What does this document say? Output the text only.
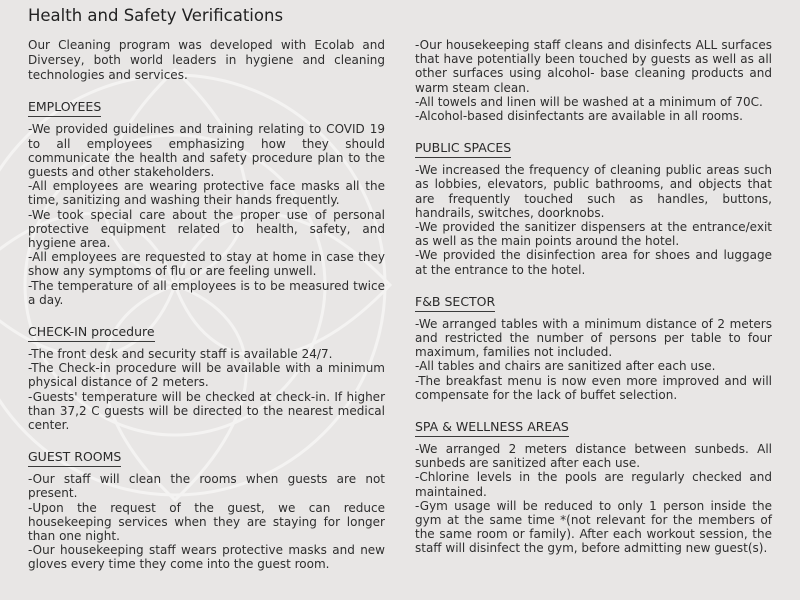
Health and Safety Verifications

Our Cleaning program was developed with Ecolab and Diversey, both world leaders in hygiene and cleaning technologies and services.

EMPLOYEES

-We provided guidelines and training relating to COVID 19 to all employees emphasizing how they should communicate the health and safety procedure plan to the guests and other stakeholders.

-All employees are wearing protective face masks all the time, sanitizing and washing their hands frequently.

-We took special care about the proper use of personal protective equipment related to health, safety, and hygiene area.

-All employees are requested to stay at home in case they show any symptoms of flu or are feeling unwell.

-The temperature of all employees is to be measured twice a day.

CHECK-IN procedure

-The front desk and security staff is available 24/7.

-The Check-in procedure will be available with a minimum physical distance of 2 meters.

-Guests' temperature will be checked at check-in. If higher than 37,2 C guests will be directed to the nearest medical center.

GUEST ROOMS

-Our staff will clean the rooms when guests are not present.

-Upon the request of the guest, we can reduce housekeeping services when they are staying for longer than one night.

-Our housekeeping staff wears protective masks and new gloves every time they come into the guest room.

-Our housekeeping staff cleans and disinfects ALL surfaces that have potentially been touched by guests as well as all other surfaces using alcohol- base cleaning products and warm steam clean.

-All towels and linen will be washed at a minimum of 70C.

-Alcohol-based disinfectants are available in all rooms.

PUBLIC SPACES

-We increased the frequency of cleaning public areas such as lobbies, elevators, public bathrooms, and objects that are frequently touched such as handles, buttons, handrails, switches, doorknobs.

-We provided the sanitizer dispensers at the entrance/exit as well as the main points around the hotel.

-We provided the disinfection area for shoes and luggage at the entrance to the hotel.

F&B SECTOR

-We arranged tables with a minimum distance of 2 meters and restricted the number of persons per table to four maximum, families not included.

-All tables and chairs are sanitized after each use.

-The breakfast menu is now even more improved and will compensate for the lack of buffet selection.

SPA & WELLNESS AREAS

-We arranged 2 meters distance between sunbeds. All sunbeds are sanitized after each use.

-Chlorine levels in the pools are regularly checked and maintained.

-Gym usage will be reduced to only 1 person inside the gym at the same time *(not relevant for the members of the same room or family). After each workout session, the staff will disinfect the gym, before admitting new guest(s).
